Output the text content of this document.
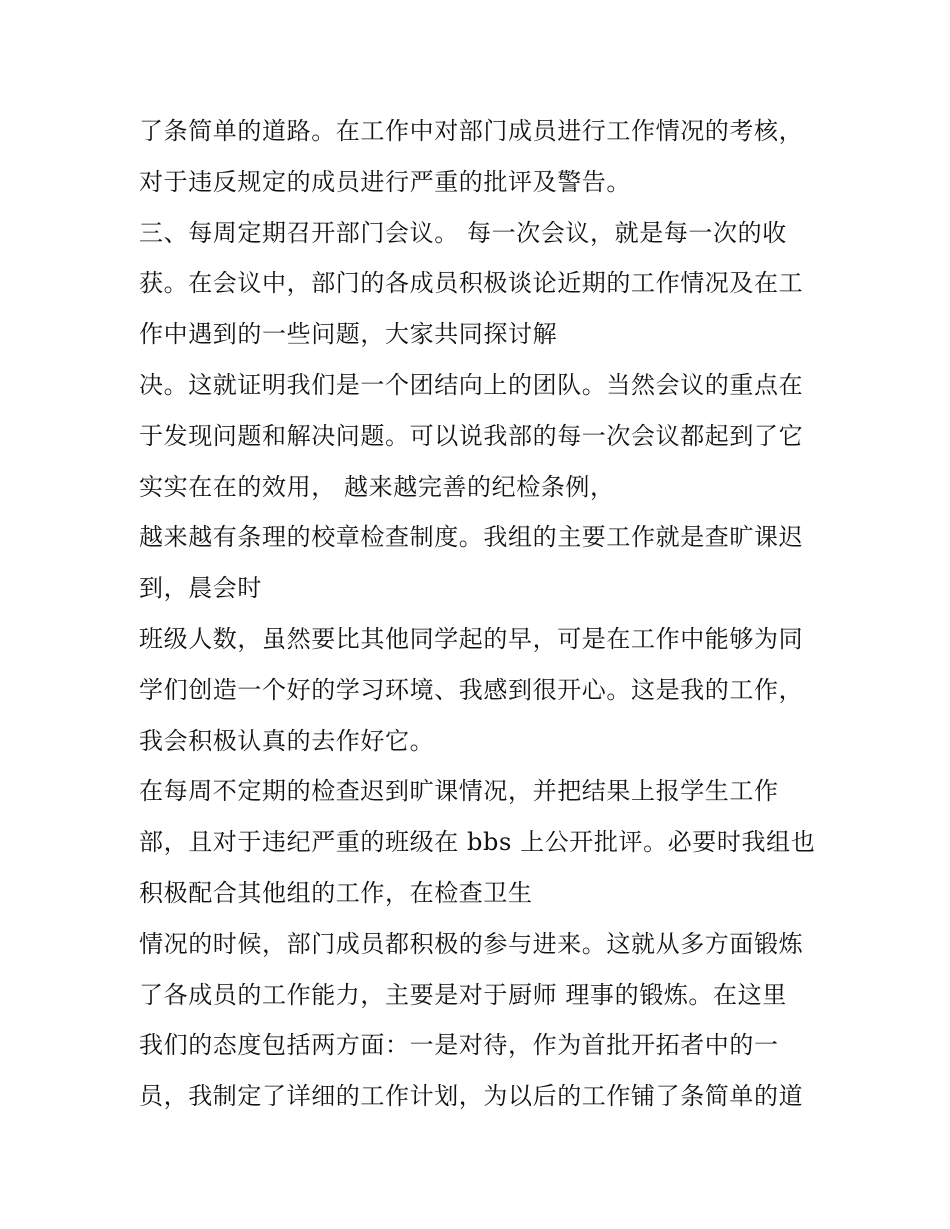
了条简单的道路。在工作中对部门成员进行工作情况的考核，
对于违反规定的成员进行严重的批评及警告。
三、每周定期召开部门会议。 每一次会议，就是每一次的收
获。在会议中，部门的各成员积极谈论近期的工作情况及在工
作中遇到的一些问题，大家共同探讨解
决。这就证明我们是一个团结向上的团队。当然会议的重点在
于发现问题和解决问题。可以说我部的每一次会议都起到了它
实实在在的效用， 越来越完善的纪检条例，
越来越有条理的校章检查制度。我组的主要工作就是查旷课迟
到，晨会时
班级人数，虽然要比其他同学起的早，可是在工作中能够为同
学们创造一个好的学习环境、我感到很开心。这是我的工作，
我会积极认真的去作好它。
在每周不定期的检查迟到旷课情况，并把结果上报学生工作
部，且对于违纪严重的班级在 bbs 上公开批评。必要时我组也
积极配合其他组的工作，在检查卫生
情况的时候，部门成员都积极的参与进来。这就从多方面锻炼
了各成员的工作能力，主要是对于厨师 理事的锻炼。在这里
我们的态度包括两方面：一是对待，作为首批开拓者中的一
员，我制定了详细的工作计划，为以后的工作铺了条简单的道
